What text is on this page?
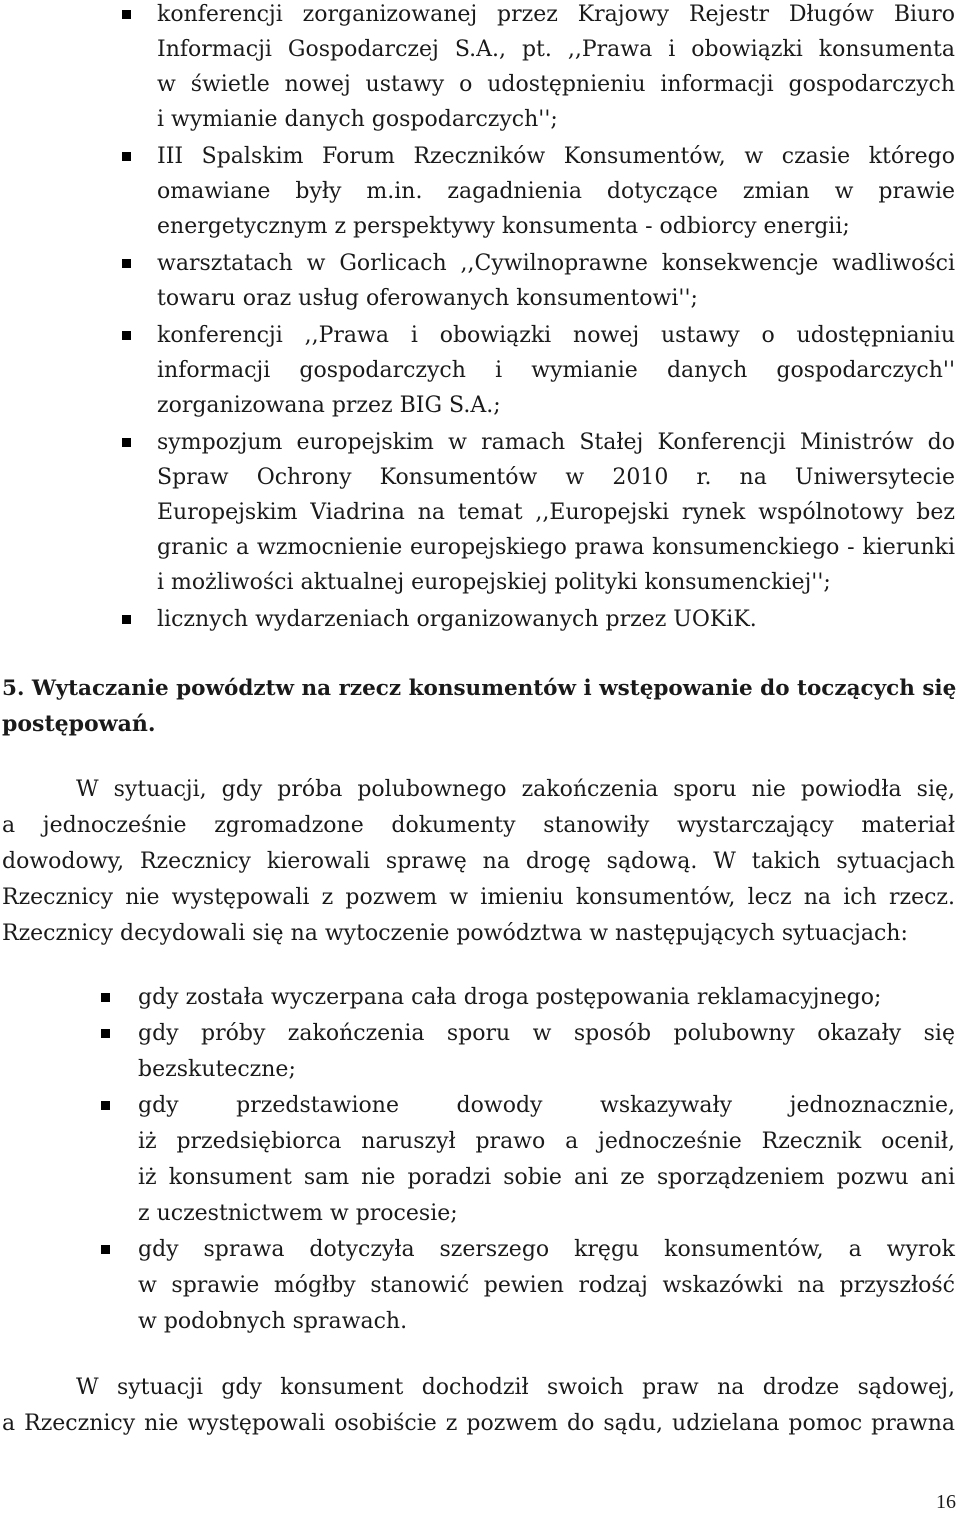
konferencji zorganizowanej przez Krajowy Rejestr Długów Biuro

Informacji Gospodarczej S.A., pt. ,,Prawa i obowiązki konsumenta

w świetle nowej ustawy o udostępnieniu informacji gospodarczych

i wymianie danych gospodarczych'';

III Spalskim Forum Rzeczników Konsumentów, w czasie którego

omawiane były m.in. zagadnienia dotyczące zmian w prawie

energetycznym z perspektywy konsumenta - odbiorcy energii;

warsztatach w Gorlicach ,,Cywilnoprawne konsekwencje wadliwości

towaru oraz usług oferowanych konsumentowi'';

konferencji ,,Prawa i obowiązki nowej ustawy o udostępnianiu

informacji gospodarczych i wymianie danych gospodarczych''

zorganizowana przez BIG S.A.;

sympozjum europejskim w ramach Stałej Konferencji Ministrów do

Spraw Ochrony Konsumentów w 2010 r. na Uniwersytecie

Europejskim Viadrina na temat ,,Europejski rynek wspólnotowy bez

granic a wzmocnienie europejskiego prawa konsumenckiego - kierunki

i możliwości aktualnej europejskiej polityki konsumenckiej'';

licznych wydarzeniach organizowanych przez UOKiK.

5. Wytaczanie powództw na rzecz konsumentów i wstępowanie do toczących się

postępowań.

W sytuacji, gdy próba polubownego zakończenia sporu nie powiodła się,

a jednocześnie zgromadzone dokumenty stanowiły wystarczający materiał

dowodowy, Rzecznicy kierowali sprawę na drogę sądową. W takich sytuacjach

Rzecznicy nie występowali z pozwem w imieniu konsumentów, lecz na ich rzecz.

Rzecznicy decydowali się na wytoczenie powództwa w następujących sytuacjach:

gdy została wyczerpana cała droga postępowania reklamacyjnego;

gdy próby zakończenia sporu w sposób polubowny okazały się

bezskuteczne;

gdy przedstawione dowody wskazywały jednoznacznie,

iż przedsiębiorca naruszył prawo a jednocześnie Rzecznik ocenił,

iż konsument sam nie poradzi sobie ani ze sporządzeniem pozwu ani

z uczestnictwem w procesie;

gdy sprawa dotyczyła szerszego kręgu konsumentów, a wyrok

w sprawie mógłby stanowić pewien rodzaj wskazówki na przyszłość

w podobnych sprawach.

W sytuacji gdy konsument dochodził swoich praw na drodze sądowej,

a Rzecznicy nie występowali osobiście z pozwem do sądu, udzielana pomoc prawna

16
